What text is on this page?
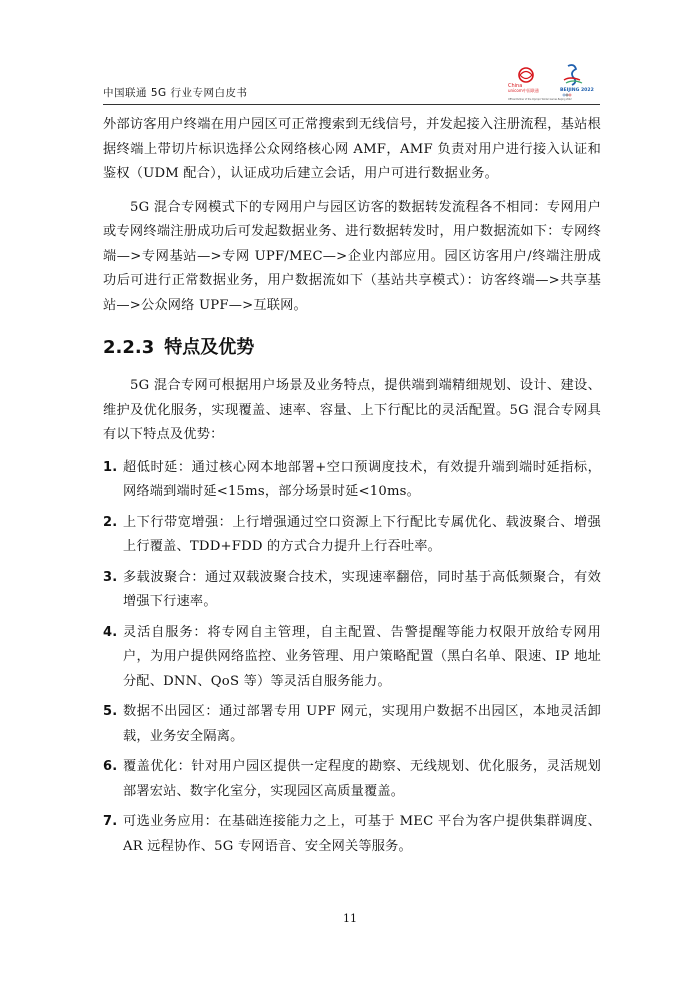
中国联通 5G 行业专网白皮书
China
unicom中国联通	BEIJING 2022
Official Partner of the Olympic Winter Games Beijing 2022

外部访客用户终端在用户园区可正常搜索到无线信号，并发起接入注册流程，基站根据终端上带切片标识选择公众网络核心网 AMF，AMF 负责对用户进行接入认证和鉴权（UDM 配合），认证成功后建立会话，用户可进行数据业务。

5G 混合专网模式下的专网用户与园区访客的数据转发流程各不相同：专网用户或专网终端注册成功后可发起数据业务、进行数据转发时，用户数据流如下：专网终端—>专网基站—>专网 UPF/MEC—>企业内部应用。园区访客用户/终端注册成功后可进行正常数据业务，用户数据流如下（基站共享模式）：访客终端—>共享基站—>公众网络 UPF—>互联网。

2.2.3 特点及优势

5G 混合专网可根据用户场景及业务特点，提供端到端精细规划、设计、建设、维护及优化服务，实现覆盖、速率、容量、上下行配比的灵活配置。5G 混合专网具有以下特点及优势：

1. 超低时延：通过核心网本地部署+空口预调度技术，有效提升端到端时延指标，网络端到端时延<15ms，部分场景时延<10ms。
2. 上下行带宽增强：上行增强通过空口资源上下行配比专属优化、载波聚合、增强上行覆盖、TDD+FDD 的方式合力提升上行吞吐率。
3. 多载波聚合：通过双载波聚合技术，实现速率翻倍，同时基于高低频聚合，有效增强下行速率。
4. 灵活自服务：将专网自主管理，自主配置、告警提醒等能力权限开放给专网用户，为用户提供网络监控、业务管理、用户策略配置（黑白名单、限速、IP 地址分配、DNN、QoS 等）等灵活自服务能力。
5. 数据不出园区：通过部署专用 UPF 网元，实现用户数据不出园区，本地灵活卸载，业务安全隔离。
6. 覆盖优化：针对用户园区提供一定程度的勘察、无线规划、优化服务，灵活规划部署宏站、数字化室分，实现园区高质量覆盖。
7. 可选业务应用：在基础连接能力之上，可基于 MEC 平台为客户提供集群调度、AR 远程协作、5G 专网语音、安全网关等服务。
11
